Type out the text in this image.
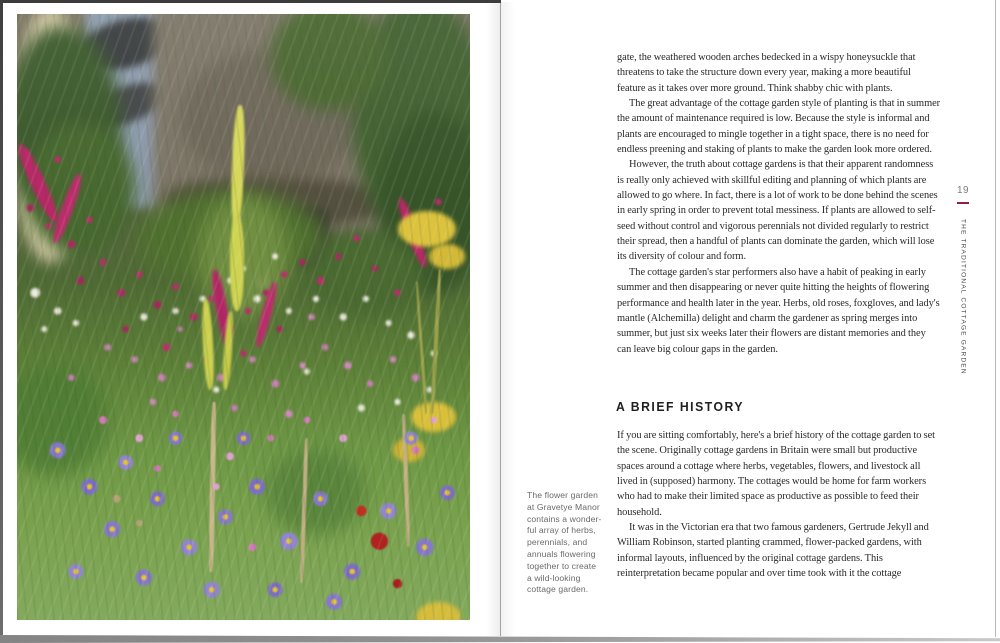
The flower garden
at Gravetye Manor
contains a wonder-
ful array of herbs,
perennials, and
annuals flowering
together to create
a wild-looking
cottage garden.

gate, the weathered wooden arches bedecked in a wispy honeysuckle that threatens to take the structure down every year, making a more beautiful feature as it takes over more ground. Think shabby chic with plants.

The great advantage of the cottage garden style of planting is that in summer the amount of maintenance required is low. Because the style is informal and plants are encouraged to mingle together in a tight space, there is no need for endless preening and staking of plants to make the garden look more ordered.

However, the truth about cottage gardens is that their apparent randomness is really only achieved with skillful editing and planning of which plants are allowed to go where. In fact, there is a lot of work to be done behind the scenes in early spring in order to prevent total messiness. If plants are allowed to self-seed without control and vigorous perennials not divided regularly to restrict their spread, then a handful of plants can dominate the garden, which will lose its diversity of colour and form.

The cottage garden's star performers also have a habit of peaking in early summer and then disappearing or never quite hitting the heights of flowering performance and health later in the year. Herbs, old roses, foxgloves, and lady's mantle (Alchemilla) delight and charm the gardener as spring merges into summer, but just six weeks later their flowers are distant memories and they can leave big colour gaps in the garden.

A BRIEF HISTORY

If you are sitting comfortably, here's a brief history of the cottage garden to set the scene. Originally cottage gardens in Britain were small but productive spaces around a cottage where herbs, vegetables, flowers, and livestock all lived in (supposed) harmony. The cottages would be home for farm workers who had to make their limited space as productive as possible to feed their household.

It was in the Victorian era that two famous gardeners, Gertrude Jekyll and William Robinson, started planting crammed, flower-packed gardens, with informal layouts, influenced by the original cottage gardens. This reinterpretation became popular and over time took with it the cottage

19
THE TRADITIONAL COTTAGE GARDEN
